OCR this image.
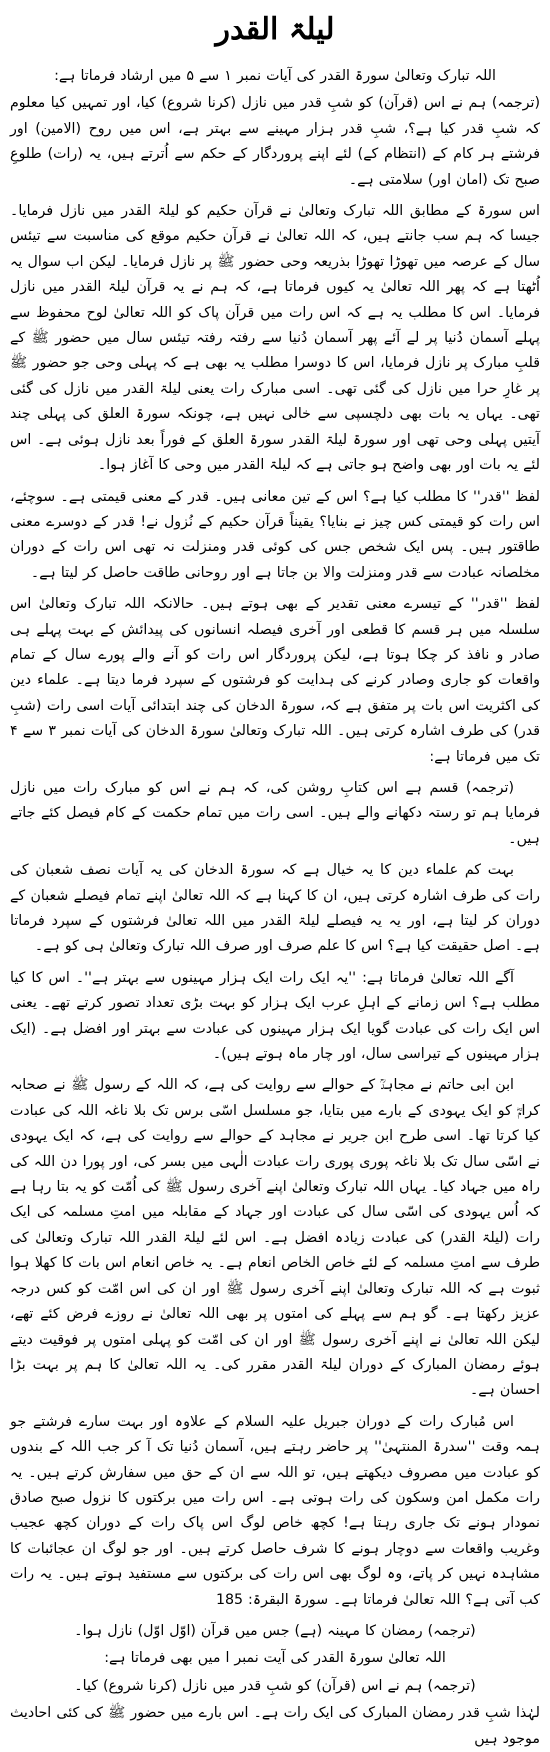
لیلۃ القدر

اللہ تبارک وتعالیٰ سورۃ القدر کی آیات نمبر ۱ سے ۵ میں ارشاد فرماتا ہے:

(ترجمہ) ہم نے اس (قرآن) کو شبِ قدر میں نازل (کرنا شروع) کیا، اور تمہیں کیا معلوم کہ شبِ قدر کیا ہے؟، شبِ قدر ہزار مہینے سے بہتر ہے، اس میں روح (الامین) اور فرشتے ہر کام کے (انتظام کے) لئے اپنے پروردگار کے حکم سے اُترتے ہیں، یہ (رات) طلوعِ صبح تک (امان اور) سلامتی ہے۔

اس سورۃ کے مطابق اللہ تبارک وتعالیٰ نے قرآن حکیم کو لیلۃ القدر میں نازل فرمایا۔ جیسا کہ ہم سب جانتے ہیں، کہ اللہ تعالیٰ نے قرآن حکیم موقع کی مناسبت سے تیئس سال کے عرصہ میں تھوڑا تھوڑا بذریعہ وحی حضور ﷺ پر نازل فرمایا۔ لیکن اب سوال یہ اُٹھتا ہے کہ پھر اللہ تعالیٰ یہ کیوں فرماتا ہے، کہ ہم نے یہ قرآن لیلۃ القدر میں نازل فرمایا۔ اس کا مطلب یہ ہے کہ اس رات میں قرآن پاک کو اللہ تعالیٰ لوح محفوظ سے پہلے آسمان دُنیا پر لے آئے پھر آسمان دُنیا سے رفتہ رفتہ تیئس سال میں حضور ﷺ کے قلبِ مبارک پر نازل فرمایا، اس کا دوسرا مطلب یہ بھی ہے کہ پہلی وحی جو حضور ﷺ پر غارِ حرا میں نازل کی گئی تھی۔ اسی مبارک رات یعنی لیلۃ القدر میں نازل کی گئی تھی۔ یہاں یہ بات بھی دلچسپی سے خالی نہیں ہے، چونکہ سورۃ العلق کی پہلی چند آیتیں پہلی وحی تھی اور سورۃ لیلۃ القدر سورۃ العلق کے فوراً بعد نازل ہوئی ہے۔ اس لئے یہ بات اور بھی واضح ہو جاتی ہے کہ لیلۃ القدر میں وحی کا آغاز ہوا۔

لفظ ''قدر'' کا مطلب کیا ہے؟ اس کے تین معانی ہیں۔ قدر کے معنی قیمتی ہے۔ سوچئے، اس رات کو قیمتی کس چیز نے بنایا؟ یقیناً قرآن حکیم کے نُزول نے! قدر کے دوسرے معنی طاقتور ہیں۔ پس ایک شخص جس کی کوئی قدر ومنزلت نہ تھی اس رات کے دوران مخلصانہ عبادت سے قدر ومنزلت والا بن جاتا ہے اور روحانی طاقت حاصل کر لیتا ہے۔

لفظ ''قدر'' کے تیسرے معنی تقدیر کے بھی ہوتے ہیں۔ حالانکہ اللہ تبارک وتعالیٰ اس سلسلہ میں ہر قسم کا قطعی اور آخری فیصلہ انسانوں کی پیدائش کے بہت پہلے ہی صادر و نافذ کر چکا ہوتا ہے، لیکن پروردگار اس رات کو آنے والے پورے سال کے تمام واقعات کو جاری وصادر کرنے کی ہدایت کو فرشتوں کے سپرد فرما دیتا ہے۔ علماء دین کی اکثریت اس بات پر متفق ہے کہ، سورۃ الدخان کی چند ابتدائی آیات اسی رات (شبِ قدر) کی طرف اشارہ کرتی ہیں۔ اللہ تبارک وتعالیٰ سورۃ الدخان کی آیات نمبر ۳ سے ۴ تک میں فرماتا ہے:

(ترجمہ) قسم ہے اس کتابِ روشن کی، کہ ہم نے اس کو مبارک رات میں نازل فرمایا ہم تو رستہ دکھانے والے ہیں۔ اسی رات میں تمام حکمت کے کام فیصل کئے جاتے ہیں۔

بہت کم علماء دین کا یہ خیال ہے کہ سورۃ الدخان کی یہ آیات نصف شعبان کی رات کی طرف اشارہ کرتی ہیں، ان کا کہنا ہے کہ اللہ تعالیٰ اپنے تمام فیصلے شعبان کے دوران کر لیتا ہے، اور یہ یہ فیصلے لیلۃ القدر میں اللہ تعالیٰ فرشتوں کے سپرد فرماتا ہے۔ اصل حقیقت کیا ہے؟ اس کا علم صرف اور صرف اللہ تبارک وتعالیٰ ہی کو ہے۔

آگے اللہ تعالیٰ فرماتا ہے: ''یہ ایک رات ایک ہزار مہینوں سے بہتر ہے''۔ اس کا کیا مطلب ہے؟ اس زمانے کے اہلِ عرب ایک ہزار کو بہت بڑی تعداد تصور کرتے تھے۔ یعنی اس ایک رات کی عبادت گویا ایک ہزار مہینوں کی عبادت سے بہتر اور افضل ہے۔ (ایک ہزار مہینوں کے تیراسی سال، اور چار ماہ ہوتے ہیں)۔

ابن ابی حاتم نے مجاہدؒ کے حوالے سے روایت کی ہے، کہ اللہ کے رسول ﷺ نے صحابہ کرامؓ کو ایک یہودی کے بارے میں بتایا، جو مسلسل اسّی برس تک بلا ناغہ اللہ کی عبادت کیا کرتا تھا۔ اسی طرح ابن جریر نے مجاہد کے حوالے سے روایت کی ہے، کہ ایک یہودی نے اسّی سال تک بلا ناغہ پوری پوری رات عبادت الٰہی میں بسر کی، اور پورا دن اللہ کی راہ میں جہاد کیا۔ یہاں اللہ تبارک وتعالیٰ اپنے آخری رسول ﷺ کی اُمّت کو یہ بتا رہا ہے کہ اُس یہودی کی اسّی سال کی عبادت اور جہاد کے مقابلہ میں امتِ مسلمہ کی ایک رات (لیلۃ القدر) کی عبادت زیادہ افضل ہے۔ اس لئے لیلۃ القدر اللہ تبارک وتعالیٰ کی طرف سے امتِ مسلمہ کے لئے خاص الخاص انعام ہے۔ یہ خاص انعام اس بات کا کھلا ہوا ثبوت ہے کہ اللہ تبارک وتعالیٰ اپنے آخری رسول ﷺ اور ان کی اس امّت کو کس درجہ عزیز رکھتا ہے۔ گو ہم سے پہلے کی امتوں پر بھی اللہ تعالیٰ نے روزے فرض کئے تھے، لیکن اللہ تعالیٰ نے اپنے آخری رسول ﷺ اور ان کی امّت کو پہلی امتوں پر فوقیت دیتے ہوئے رمضان المبارک کے دوران لیلۃ القدر مقرر کی۔ یہ اللہ تعالیٰ کا ہم پر بہت بڑا احسان ہے۔

اس مُبارک رات کے دوران جبریل علیہ السلام کے علاوہ اور بہت سارے فرشتے جو ہمہ وقت ''سدرۃ المنتہیٰ'' پر حاضر رہتے ہیں، آسمان دُنیا تک آ کر جب اللہ کے بندوں کو عبادت میں مصروف دیکھتے ہیں، تو اللہ سے ان کے حق میں سفارش کرتے ہیں۔ یہ رات مکمل امن وسکون کی رات ہوتی ہے۔ اس رات میں برکتوں کا نزول صبح صادق نمودار ہونے تک جاری رہتا ہے! کچھ خاص لوگ اس پاک رات کے دوران کچھ عجیب وغریب واقعات سے دوچار ہونے کا شرف حاصل کرتے ہیں۔ اور جو لوگ ان عجائبات کا مشاہدہ نہیں کر پاتے، وہ لوگ بھی اس رات کی برکتوں سے مستفید ہوتے ہیں۔ یہ رات کب آتی ہے؟ اللہ تعالیٰ فرماتا ہے۔ سورۃ البقرۃ: 185

(ترجمہ) رمضان کا مہینہ (ہے) جس میں قرآن (اوّل اوّل) نازل ہوا۔

اللہ تعالیٰ سورۃ القدر کی آیت نمبر ا میں بھی فرماتا ہے:

(ترجمہ) ہم نے اس (قرآن) کو شبِ قدر میں نازل (کرنا شروع) کیا۔

لہٰذا شبِ قدر رمضان المبارک کی ایک رات ہے۔ اس بارے میں حضور ﷺ کی کئی احادیث موجود ہیں
